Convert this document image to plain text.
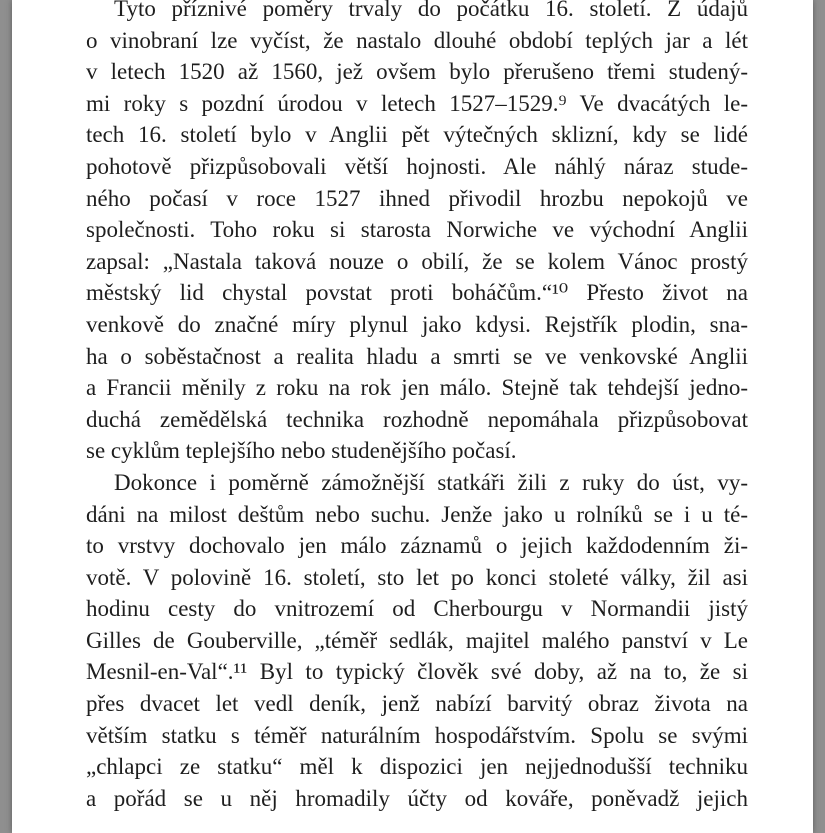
Tyto příznivé poměry trvaly do počátku 16. století. Z údajů
o vinobraní lze vyčíst, že nastalo dlouhé období teplých jar a lét
v letech 1520 až 1560, jež ovšem bylo přerušeno třemi studený-
mi roky s pozdní úrodou v letech 1527–1529.⁹ Ve dvacátých le-
tech 16. století bylo v Anglii pět výtečných sklizní, kdy se lidé
pohotově přizpůsobovali větší hojnosti. Ale náhlý náraz stude-
ného počasí v roce 1527 ihned přivodil hrozbu nepokojů ve
společnosti. Toho roku si starosta Norwiche ve východní Anglii
zapsal: „Nastala taková nouze o obilí, že se kolem Vánoc prostý
městský lid chystal povstat proti boháčům.“¹⁰ Přesto život na
venkově do značné míry plynul jako kdysi. Rejstřík plodin, sna-
ha o soběstačnost a realita hladu a smrti se ve venkovské Anglii
a Francii měnily z roku na rok jen málo. Stejně tak tehdejší jedno-
duchá zemědělská technika rozhodně nepomáhala přizpůsobovat
se cyklům teplejšího nebo studenějšího počasí.
Dokonce i poměrně zámožnější statkáři žili z ruky do úst, vy-
dáni na milost deštům nebo suchu. Jenže jako u rolníků se i u té-
to vrstvy dochovalo jen málo záznamů o jejich každodenním ži-
votě. V polovině 16. století, sto let po konci stoleté války, žil asi
hodinu cesty do vnitrozemí od Cherbourgu v Normandii jistý
Gilles de Gouberville, „téměř sedlák, majitel malého panství v Le
Mesnil-en-Val“.¹¹ Byl to typický člověk své doby, až na to, že si
přes dvacet let vedl deník, jenž nabízí barvitý obraz života na
větším statku s téměř naturálním hospodářstvím. Spolu se svými
„chlapci ze statku“ měl k dispozici jen nejjednodušší techniku
a pořád se u něj hromadily účty od kováře, poněvadž jejich
